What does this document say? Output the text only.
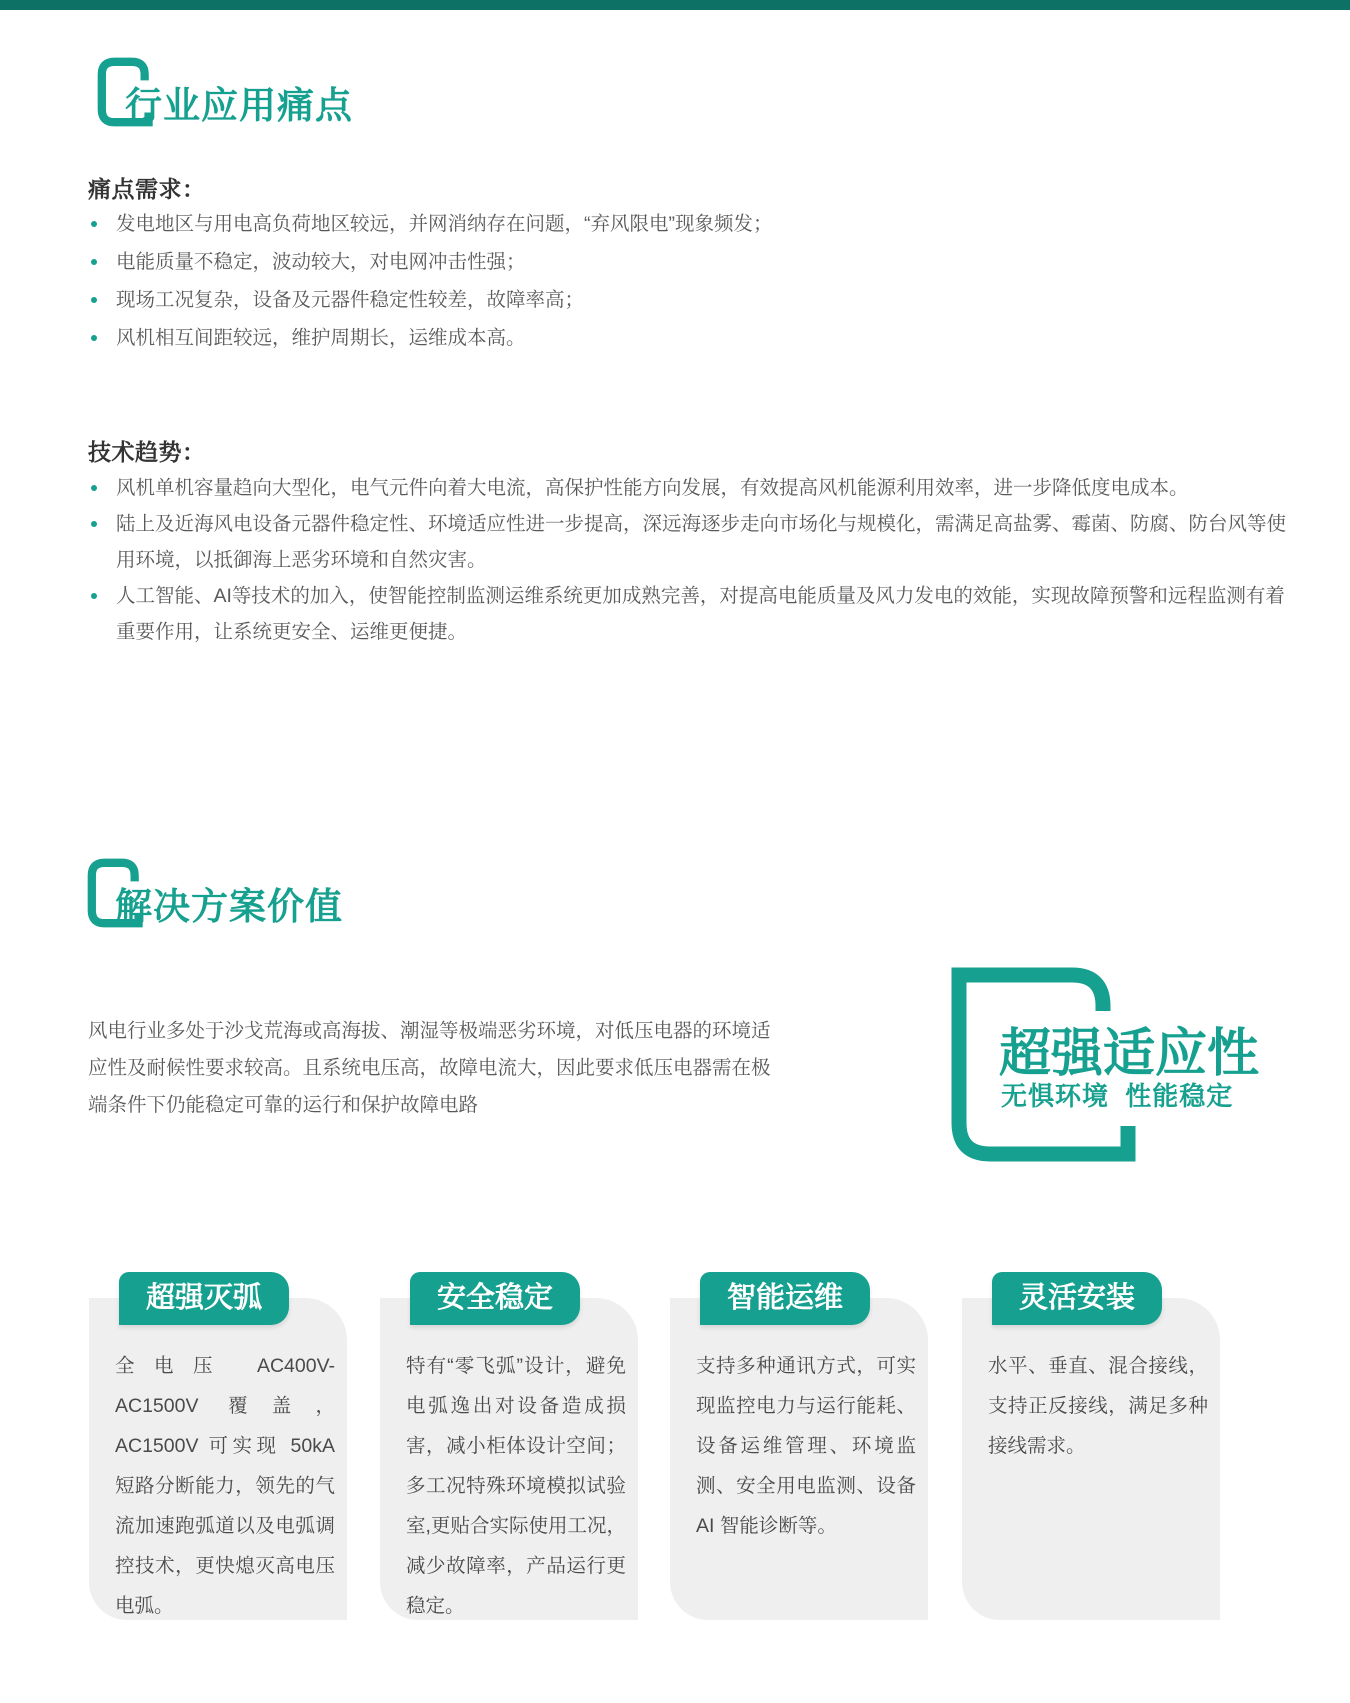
行业应用痛点
痛点需求：
发电地区与用电高负荷地区较远，并网消纳存在问题，“弃风限电”现象频发；
电能质量不稳定，波动较大，对电网冲击性强；
现场工况复杂，设备及元器件稳定性较差，故障率高；
风机相互间距较远，维护周期长，运维成本高。
技术趋势：
风机单机容量趋向大型化，电气元件向着大电流，高保护性能方向发展，有效提高风机能源利用效率，进一步降低度电成本。
陆上及近海风电设备元器件稳定性、环境适应性进一步提高，深远海逐步走向市场化与规模化，需满足高盐雾、霉菌、防腐、防台风等使用环境，以抵御海上恶劣环境和自然灾害。
人工智能、AI等技术的加入，使智能控制监测运维系统更加成熟完善，对提高电能质量及风力发电的效能，实现故障预警和远程监测有着重要作用，让系统更安全、运维更便捷。
解决方案价值

风电行业多处于沙戈荒海或高海拔、潮湿等极端恶劣环境，对低压电器的环境适应性及耐候性要求较高。且系统电压高，故障电流大，因此要求低压电器需在极端条件下仍能稳定可靠的运行和保护故障电路

超强适应性
无惧环境 性能稳定
超强灭弧

全电压 AC400V-AC1500V 覆盖，AC1500V 可实现 50kA 短路分断能力，领先的气流加速跑弧道以及电弧调控技术，更快熄灭高电压电弧。

安全稳定

特有“零飞弧”设计，避免电弧逸出对设备造成损害，减小柜体设计空间；多工况特殊环境模拟试验室,更贴合实际使用工况，减少故障率，产品运行更稳定。

智能运维

支持多种通讯方式，可实现监控电力与运行能耗、设备运维管理、环境监测、安全用电监测、设备 AI 智能诊断等。

灵活安装

水平、垂直、混合接线，支持正反接线，满足多种接线需求。
